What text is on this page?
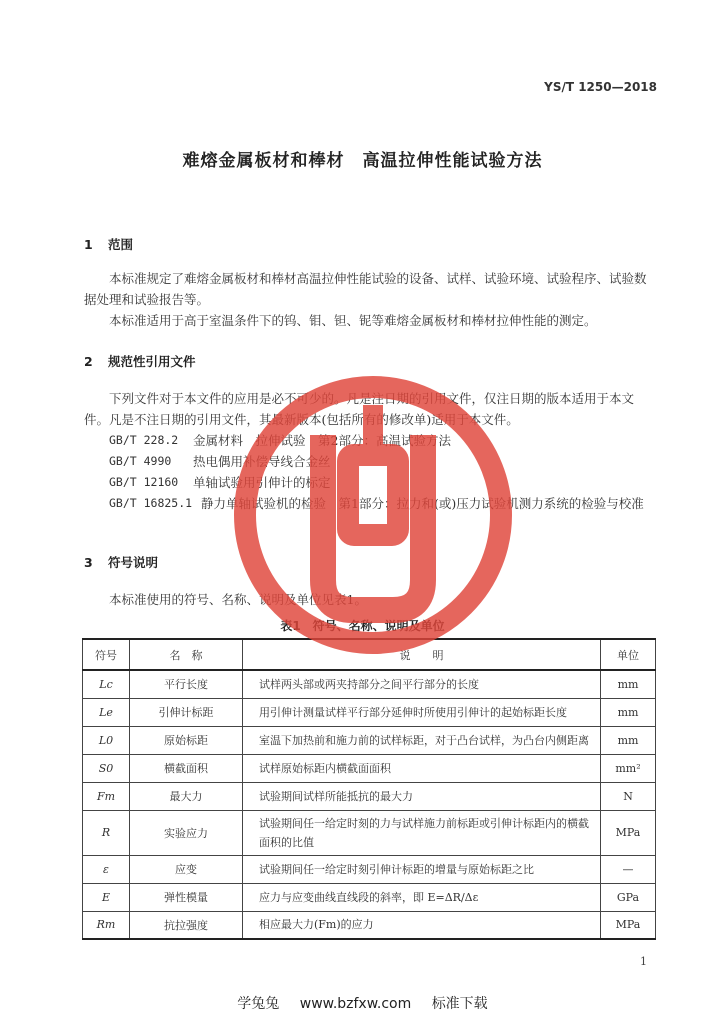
YS/T 1250—2018
难熔金属板材和棒材　高温拉伸性能试验方法
1 范围
本标准规定了难熔金属板材和棒材高温拉伸性能试验的设备、试样、试验环境、试验程序、试验数据处理和试验报告等。
本标准适用于高于室温条件下的钨、钼、钽、铌等难熔金属板材和棒材拉伸性能的测定。
2 规范性引用文件
下列文件对于本文件的应用是必不可少的。凡是注日期的引用文件，仅注日期的版本适用于本文件。凡是不注日期的引用文件，其最新版本(包括所有的修改单)适用于本文件。
GB/T 228.2	金属材料　拉伸试验　第2部分：高温试验方法
GB/T 4990	热电偶用补偿导线合金丝
GB/T 12160	单轴试验用引伸计的标定
GB/T 16825.1 静力单轴试验机的检验　第1部分：拉力和(或)压力试验机测力系统的检验与校准
3 符号说明
本标准使用的符号、名称、说明及单位见表1。
表1　符号、名称、说明及单位
符号	名　称	说　　明	单位
Lc	平行长度	试样两头部或两夹持部分之间平行部分的长度	mm
Le	引伸计标距	用引伸计测量试样平行部分延伸时所使用引伸计的起始标距长度	mm
L0	原始标距	室温下加热前和施力前的试样标距，对于凸台试样，为凸台内侧距离	mm
S0	横截面积	试样原始标距内横截面面积	mm²
Fm	最大力	试验期间试样所能抵抗的最大力	N
R	实验应力	试验期间任一给定时刻的力与试样施力前标距或引伸计标距内的横截面积的比值	MPa
ε	应变	试验期间任一给定时刻引伸计标距的增量与原始标距之比	—
E	弹性模量	应力与应变曲线直线段的斜率，即 E=ΔR/Δε	GPa
Rm	抗拉强度	相应最大力(Fm)的应力	MPa
1
学兔兔 www.bzfxw.com 标准下载
